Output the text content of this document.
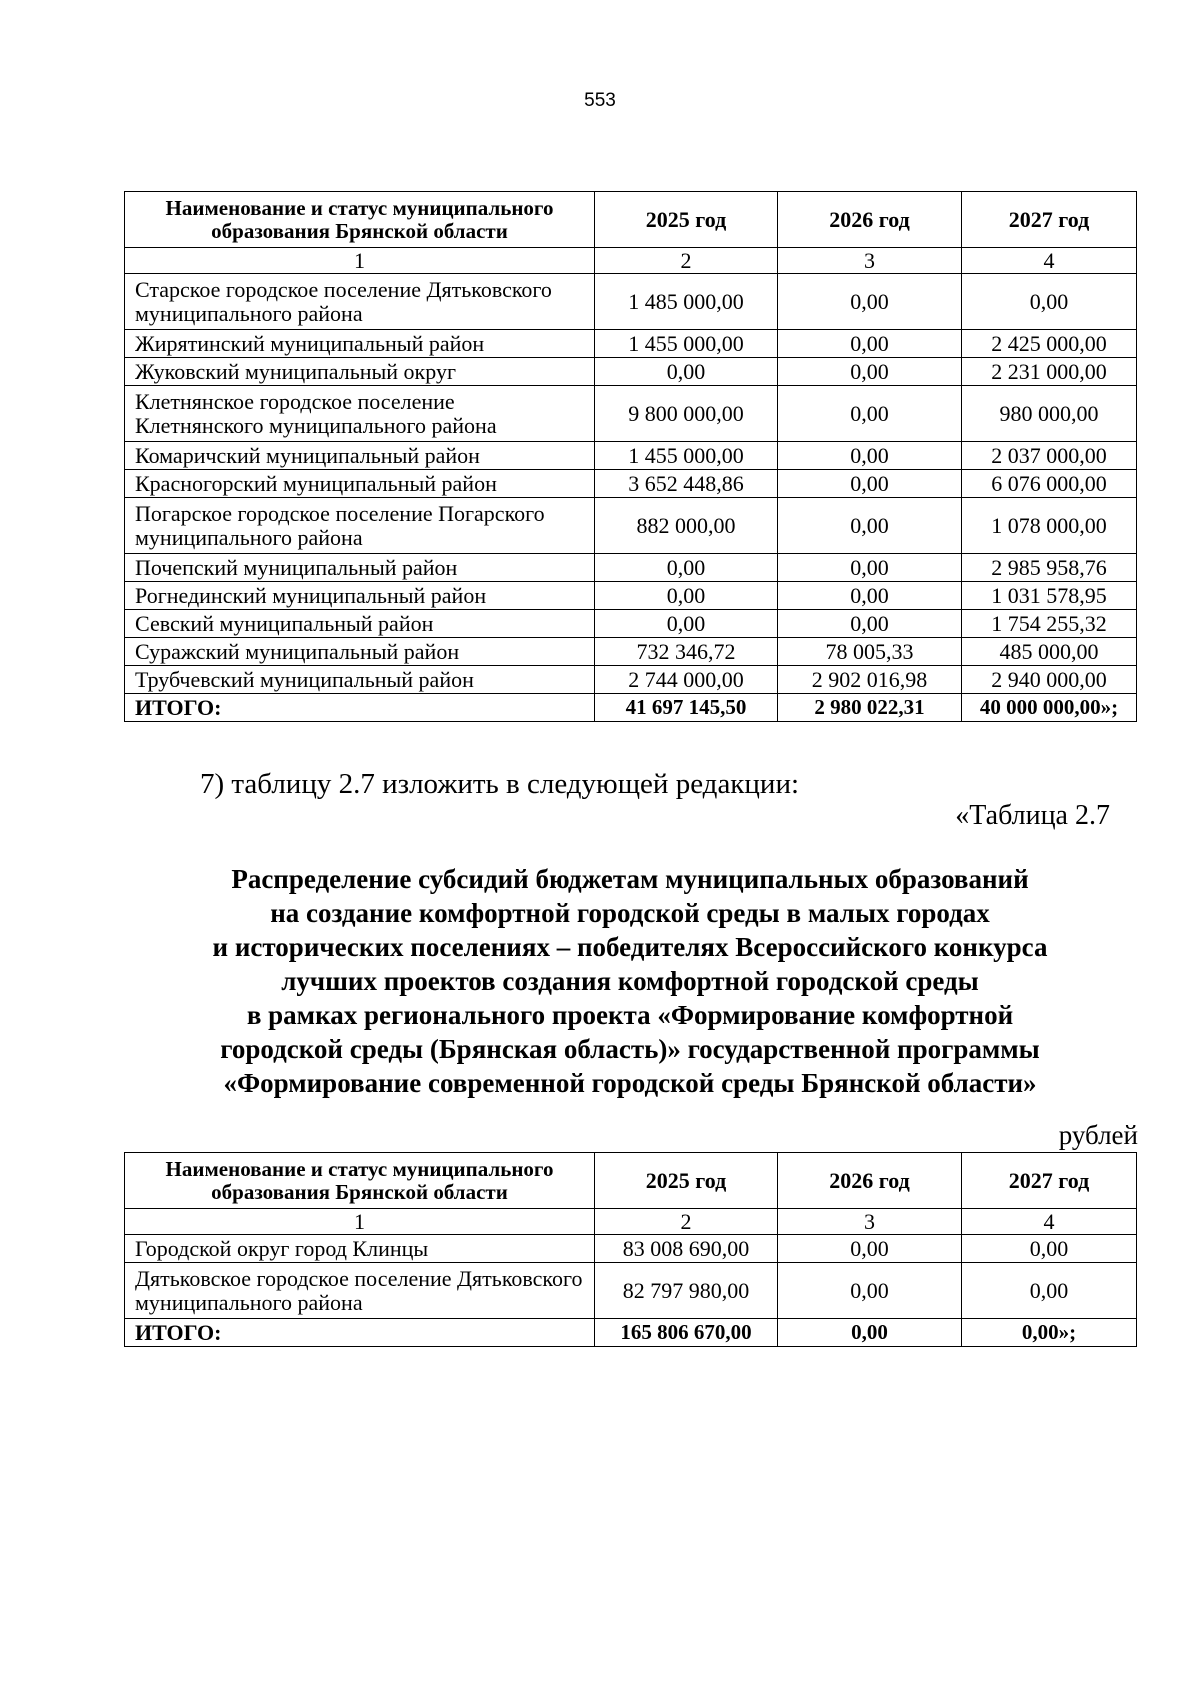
553
Наименование и статус муниципального образования Брянской области	2025 год	2026 год	2027 год
1	2	3	4
Старское городское поселение Дятьковского муниципального района	1 485 000,00	0,00	0,00
Жирятинский муниципальный район	1 455 000,00	0,00	2 425 000,00
Жуковский муниципальный округ	0,00	0,00	2 231 000,00
Клетнянское городское поселение Клетнянского муниципального района	9 800 000,00	0,00	980 000,00
Комаричский муниципальный район	1 455 000,00	0,00	2 037 000,00
Красногорский муниципальный район	3 652 448,86	0,00	6 076 000,00
Погарское городское поселение Погарского муниципального района	882 000,00	0,00	1 078 000,00
Почепский муниципальный район	0,00	0,00	2 985 958,76
Рогнединский муниципальный район	0,00	0,00	1 031 578,95
Севский муниципальный район	0,00	0,00	1 754 255,32
Суражский муниципальный район	732 346,72	78 005,33	485 000,00
Трубчевский муниципальный район	2 744 000,00	2 902 016,98	2 940 000,00
ИТОГО:	41 697 145,50	2 980 022,31	40 000 000,00»;
7) таблицу 2.7 изложить в следующей редакции:
«Таблица 2.7
Распределение субсидий бюджетам муниципальных образований
на создание комфортной городской среды в малых городах
и исторических поселениях – победителях Всероссийского конкурса
лучших проектов создания комфортной городской среды
в рамках регионального проекта «Формирование комфортной
городской среды (Брянская область)» государственной программы
«Формирование современной городской среды Брянской области»
рублей
Наименование и статус муниципального образования Брянской области	2025 год	2026 год	2027 год
1	2	3	4
Городской округ город Клинцы	83 008 690,00	0,00	0,00
Дятьковское городское поселение Дятьковского муниципального района	82 797 980,00	0,00	0,00
ИТОГО:	165 806 670,00	0,00	0,00»;
